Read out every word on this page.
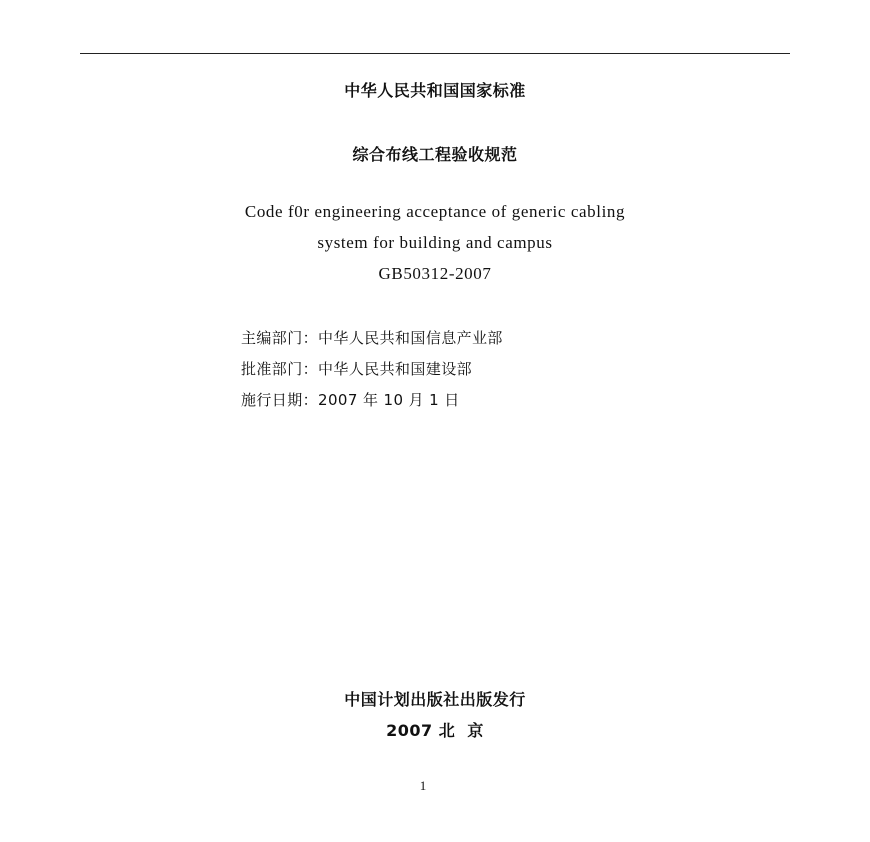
中华人民共和国国家标准
综合布线工程验收规范
Code f0r engineering acceptance of generic cabling
system for building and campus
GB50312-2007
主编部门：中华人民共和国信息产业部
批准部门：中华人民共和国建设部
施行日期：2007 年 10 月 1 日
中国计划出版社出版发行
2007 北  京
1
